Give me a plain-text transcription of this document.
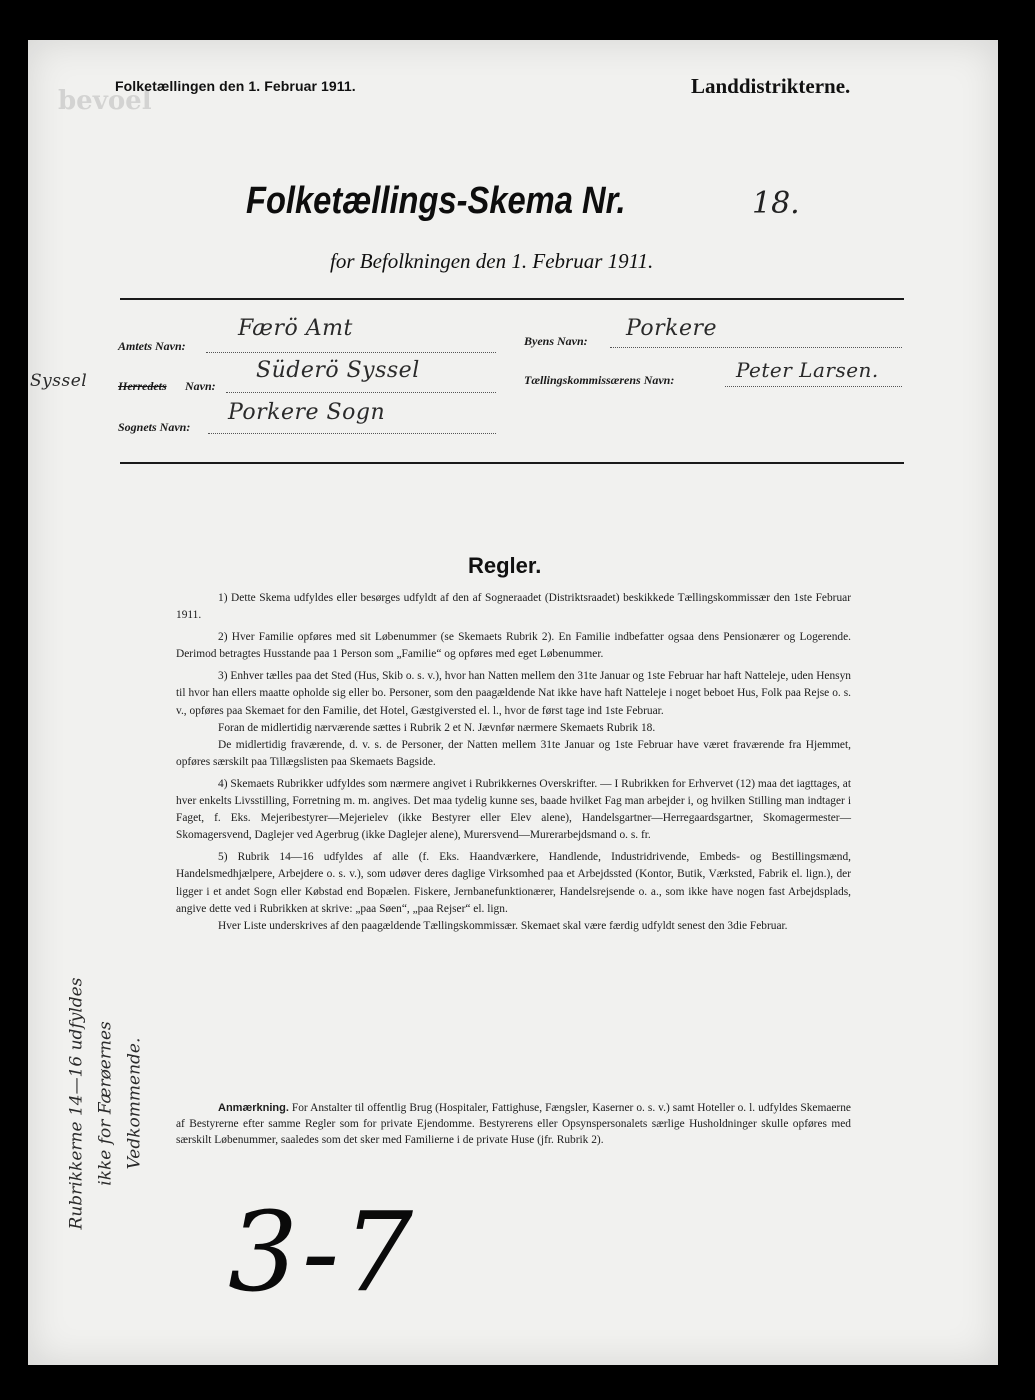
bevoel
Folketællingen den 1. Februar 1911.	Landdistrikterne.
Folketællings-Skema Nr.	18.
for Befolkningen den 1. Februar 1911.
Amtets Navn:
Færö Amt
Syssel	Herredets Navn:
Süderö Syssel
Sognets Navn:
Porkere Sogn
Byens Navn: Porkere
Tællingskommissærens Navn:	Peter Larsen.
Regler.

1) Dette Skema udfyldes eller besørges udfyldt af den af Sogneraadet (Distriktsraadet) beskikkede Tællingskommissær den 1ste Februar 1911.

2) Hver Familie opføres med sit Løbenummer (se Skemaets Rubrik 2). En Familie indbefatter ogsaa dens Pensionærer og Logerende. Derimod betragtes Husstande paa 1 Person som „Familie“ og opføres med eget Løbenummer.

3) Enhver tælles paa det Sted (Hus, Skib o. s. v.), hvor han Natten mellem den 31te Januar og 1ste Februar har haft Natteleje, uden Hensyn til hvor han ellers maatte opholde sig eller bo. Personer, som den paagældende Nat ikke have haft Natteleje i noget beboet Hus, Folk paa Rejse o. s. v., opføres paa Skemaet for den Familie, det Hotel, Gæstgiversted el. l., hvor de først tage ind 1ste Februar.

Foran de midlertidig nærværende sættes i Rubrik 2 et N. Jævnfør nærmere Skemaets Rubrik 18.

De midlertidig fraværende, d. v. s. de Personer, der Natten mellem 31te Januar og 1ste Februar have været fraværende fra Hjemmet, opføres særskilt paa Tillægslisten paa Skemaets Bagside.

4) Skemaets Rubrikker udfyldes som nærmere angivet i Rubrikkernes Overskrifter. — I Rubrikken for Erhvervet (12) maa det iagttages, at hver enkelts Livsstilling, Forretning m. m. angives. Det maa tydelig kunne ses, baade hvilket Fag man arbejder i, og hvilken Stilling man indtager i Faget, f. Eks. Mejeribestyrer—Mejerielev (ikke Bestyrer eller Elev alene), Handelsgartner—Herregaardsgartner, Skomagermester—Skomagersvend, Daglejer ved Agerbrug (ikke Daglejer alene), Murersvend—Murerarbejdsmand o. s. fr.

5) Rubrik 14—16 udfyldes af alle (f. Eks. Haandværkere, Handlende, Industridrivende, Embeds- og Bestillingsmænd, Handelsmedhjælpere, Arbejdere o. s. v.), som udøver deres daglige Virksomhed paa et Arbejdssted (Kontor, Butik, Værksted, Fabrik el. lign.), der ligger i et andet Sogn eller Købstad end Bopælen. Fiskere, Jernbanefunktionærer, Handelsrejsende o. a., som ikke have nogen fast Arbejdsplads, angive dette ved i Rubrikken at skrive: „paa Søen“, „paa Rejser“ el. lign.

Hver Liste underskrives af den paagældende Tællingskommissær. Skemaet skal være færdig udfyldt senest den 3die Februar.

Anmærkning. For Anstalter til offentlig Brug (Hospitaler, Fattighuse, Fængsler, Kaserner o. s. v.) samt Hoteller o. l. udfyldes Skemaerne af Bestyrerne efter samme Regler som for private Ejendomme. Bestyrerens eller Opsynspersonalets særlige Husholdninger skulle opføres med særskilt Løbenummer, saaledes som det sker med Familierne i de private Huse (jfr. Rubrik 2).

Rubrikkerne 14—16 udfyldes ikke for Færøernes Vedkommende.
3-7
